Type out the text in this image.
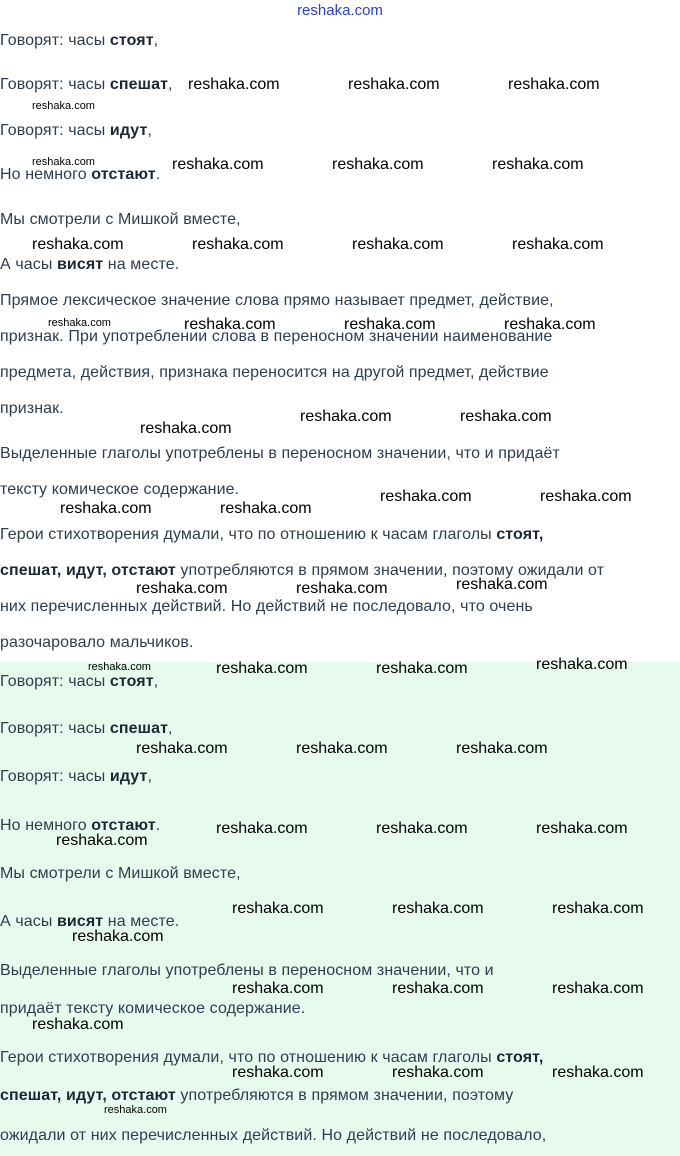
reshaka.com
Говорят: часы стоят,
Говорят: часы спешат,
Говорят: часы идут,
Но немного отстают.
Мы смотрели с Мишкой вместе,
А часы висят на месте.
Прямое лексическое значение слова прямо называет предмет, действие,
признак. При употреблении слова в переносном значении наименование
предмета, действия, признака переносится на другой предмет, действие
признак.
Выделенные глаголы употреблены в переносном значении, что и придаёт
текстy комическое содержание.
Герои стихотворения думали, что по отношению к часам глаголы стоят,
спешат, идут, отстают употребляются в прямом значении, поэтому ожидали от
них перечисленных действий. Но действий не последовало, что очень
разочаровало мальчиков.
Говорят: часы стоят,
Говорят: часы спешат,
Говорят: часы идут,
Но немного отстают.
Мы смотрели с Мишкой вместе,
А часы висят на месте.
Выделенные глаголы употреблены в переносном значении, что и
придаёт текстy комическое содержание.
Герои стихотворения думали, что по отношению к часам глаголы стоят,
спешат, идут, отстают употребляются в прямом значении, поэтому
ожидали от них перечисленных действий. Но действий не последовало,
reshaka.com	reshaka.com	reshaka.com
reshaka.com
reshaka.com	reshaka.com	reshaka.com	reshaka.com
reshaka.com	reshaka.com	reshaka.com	reshaka.com
reshaka.com	reshaka.com	reshaka.com	reshaka.com
reshaka.com	reshaka.com
reshaka.com
reshaka.com	reshaka.com
reshaka.com	reshaka.com
reshaka.com
reshaka.com	reshaka.com
reshaka.com	reshaka.com
reshaka.com	reshaka.com
reshaka.com	reshaka.com	reshaka.com
reshaka.com	reshaka.com	reshaka.com
reshaka.com
reshaka.com	reshaka.com	reshaka.com
reshaka.com
reshaka.com	reshaka.com	reshaka.com
reshaka.com
reshaka.com	reshaka.com	reshaka.com
reshaka.com
